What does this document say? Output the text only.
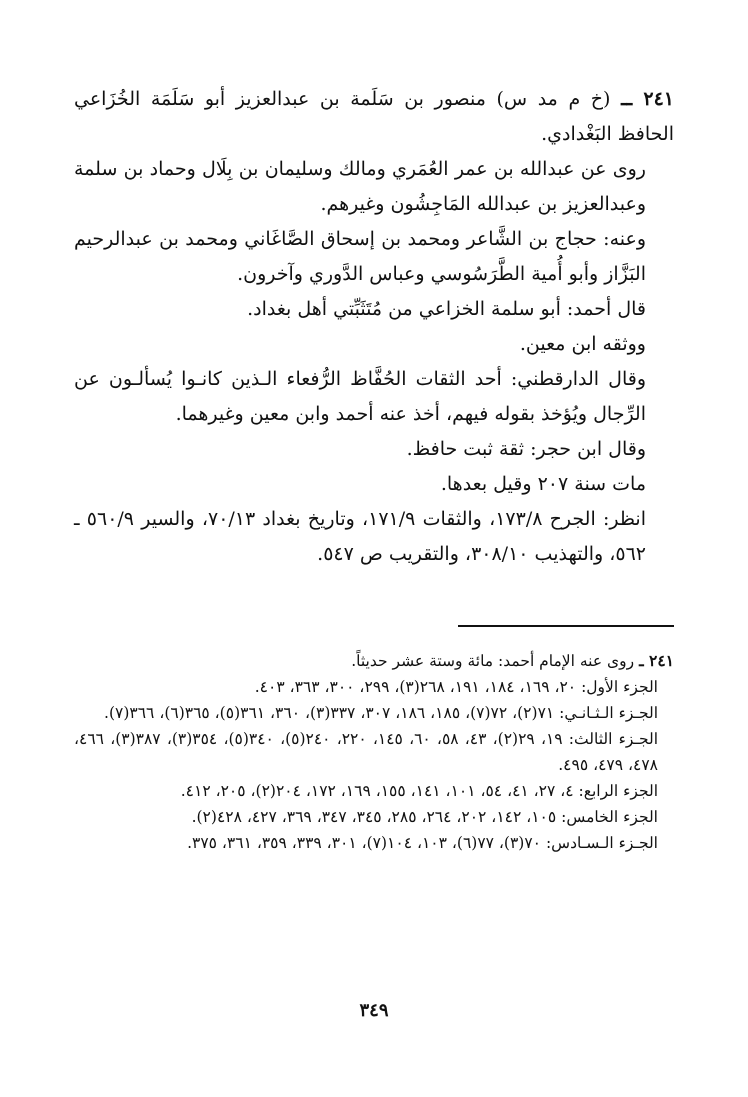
٢٤١ ــ (خ م مد س) منصور بن سَلَمة بن عبدالعزيز أبو سَلَمَة الخُزَاعي الحافظ البَغْدادي.

روى عن عبدالله بن عمر العُمَري ومالك وسليمان بن بِلَال وحماد بن سلمة وعبدالعزيز بن عبدالله المَاجِشُون وغيرهم.

وعنه: حجاج بن الشَّاعر ومحمد بن إسحاق الصَّاغَاني ومحمد بن عبدالرحيم البَزَّاز وأبو أُمية الطَّرَسُوسي وعباس الدَّوري وآخرون.

قال أحمد: أبو سلمة الخزاعي من مُتَثَبِّتي أهل بغداد.

ووثقه ابن معين.

وقال الدارقطني: أحد الثقات الحُفَّاظ الرُّفعاء الـذين كانـوا يُسألـون عن الرِّجال ويُؤخذ بقوله فيهم، أخذ عنه أحمد وابن معين وغيرهما.

وقال ابن حجر: ثقة ثبت حافظ.

مات سنة ٢٠٧ وقيل بعدها.

انظر: الجرح ١٧٣/٨، والثقات ١٧١/٩، وتاريخ بغداد ٧٠/١٣، والسير ٥٦٠/٩ ـ ٥٦٢، والتهذيب ٣٠٨/١٠، والتقريب ص ٥٤٧.

٢٤١ ـ روى عنه الإمام أحمد: مائة وستة عشر حديثاً.

الجزء الأول: ٢٠، ١٦٩، ١٨٤، ١٩١، ٢٦٨(٣)، ٢٩٩، ٣٠٠، ٣٦٣، ٤٠٣.

الجـزء الـثـانـي: ٧١(٢)، ٧٢(٧)، ١٨٥، ١٨٦، ٣٠٧، ٣٣٧(٣)، ٣٦٠، ٣٦١(٥)، ٣٦٥(٦)، ٣٦٦(٧).

الجـزء الثالث: ١٩، ٢٩(٢)، ٤٣، ٥٨، ٦٠، ١٤٥، ٢٢٠، ٢٤٠(٥)، ٣٤٠(٥)، ٣٥٤(٣)، ٣٨٧(٣)، ٤٦٦، ٤٧٨، ٤٧٩، ٤٩٥.

الجزء الرابع: ٤، ٢٧، ٤١، ٥٤، ١٠١، ١٤١، ١٥٥، ١٦٩، ١٧٢، ٢٠٤(٢)، ٢٠٥، ٤١٢.

الجزء الخامس: ١٠٥، ١٤٢، ٢٠٢، ٢٦٤، ٢٨٥، ٣٤٥، ٣٤٧، ٣٦٩، ٤٢٧، ٤٢٨(٢).

الجـزء الـسـادس: ٧٠(٣)، ٧٧(٦)، ١٠٣، ١٠٤(٧)، ٣٠١، ٣٣٩، ٣٥٩، ٣٦١، ٣٧٥.

٣٤٩
